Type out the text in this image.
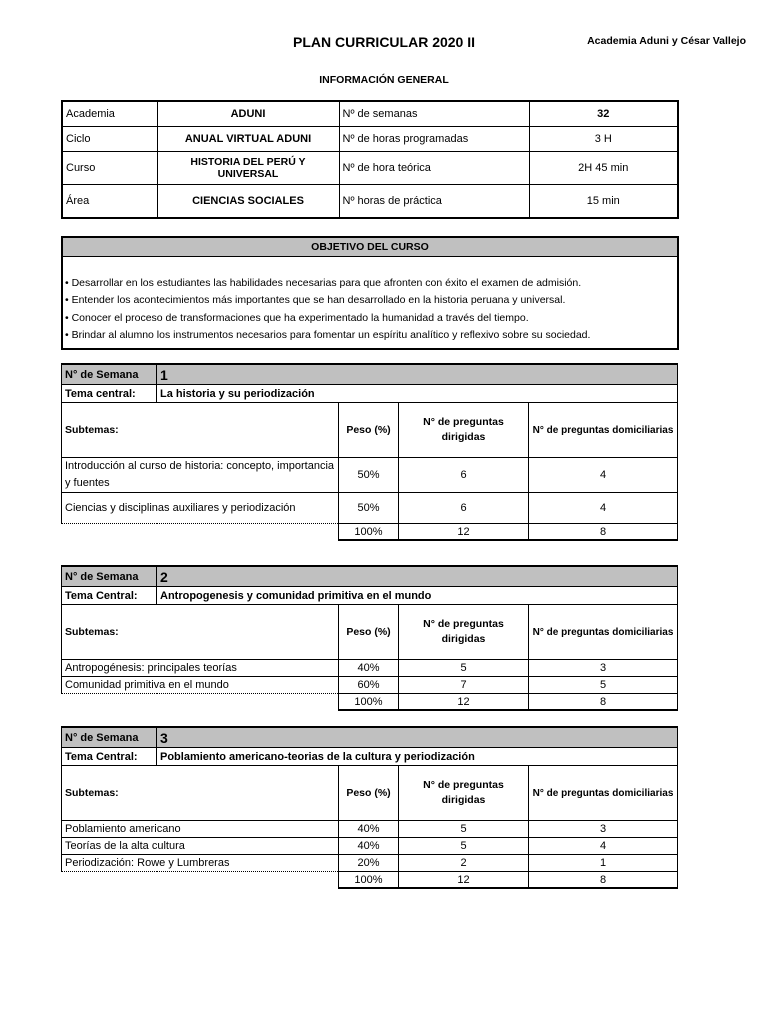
PLAN CURRICULAR 2020 II	Academia Aduni y César Vallejo
INFORMACIÓN GENERAL
Academia	ADUNI	Nº de semanas	32
Ciclo	ANUAL VIRTUAL ADUNI	Nº de horas programadas	3 H
Curso	HISTORIA DEL PERÚ Y UNIVERSAL	Nº de hora teórica	2H 45 min
Área	CIENCIAS SOCIALES	Nº horas de práctica	15 min
OBJETIVO DEL CURSO
• Desarrollar en los estudiantes las habilidades necesarias para que afronten con éxito el examen de admisión.
• Entender los acontecimientos más importantes que se han desarrollado en la historia peruana y universal.
• Conocer el proceso de transformaciones que ha experimentado la humanidad a través del tiempo.
• Brindar al alumno los instrumentos necesarios para fomentar un espíritu analítico y reflexivo sobre su sociedad.
N° de Semana	1			
Tema central:	La historia y su periodización			
Subtemas:		Peso (%)	N° de preguntas dirigidas	N° de preguntas domiciliarias
Introducción al curso de historia: concepto, importancia y fuentes		50%	6	4
Ciencias y disciplinas auxiliares y periodización		50%	6	4
		100%	12	8
N° de Semana	2			
Tema Central:	Antropogenesis y comunidad primitiva en el mundo			
Subtemas:		Peso (%)	N° de preguntas dirigidas	N° de preguntas domiciliarias
Antropogénesis: principales teorías		40%	5	3
Comunidad primitiva en el mundo		60%	7	5
		100%	12	8
N° de Semana	3			
Tema Central:	Poblamiento americano-teorias de la cultura y periodización			
Subtemas:		Peso (%)	N° de preguntas dirigidas	N° de preguntas domiciliarias
Poblamiento americano		40%	5	3
Teorías de la alta cultura		40%	5	4
Periodización: Rowe y Lumbreras		20%	2	1
		100%	12	8
